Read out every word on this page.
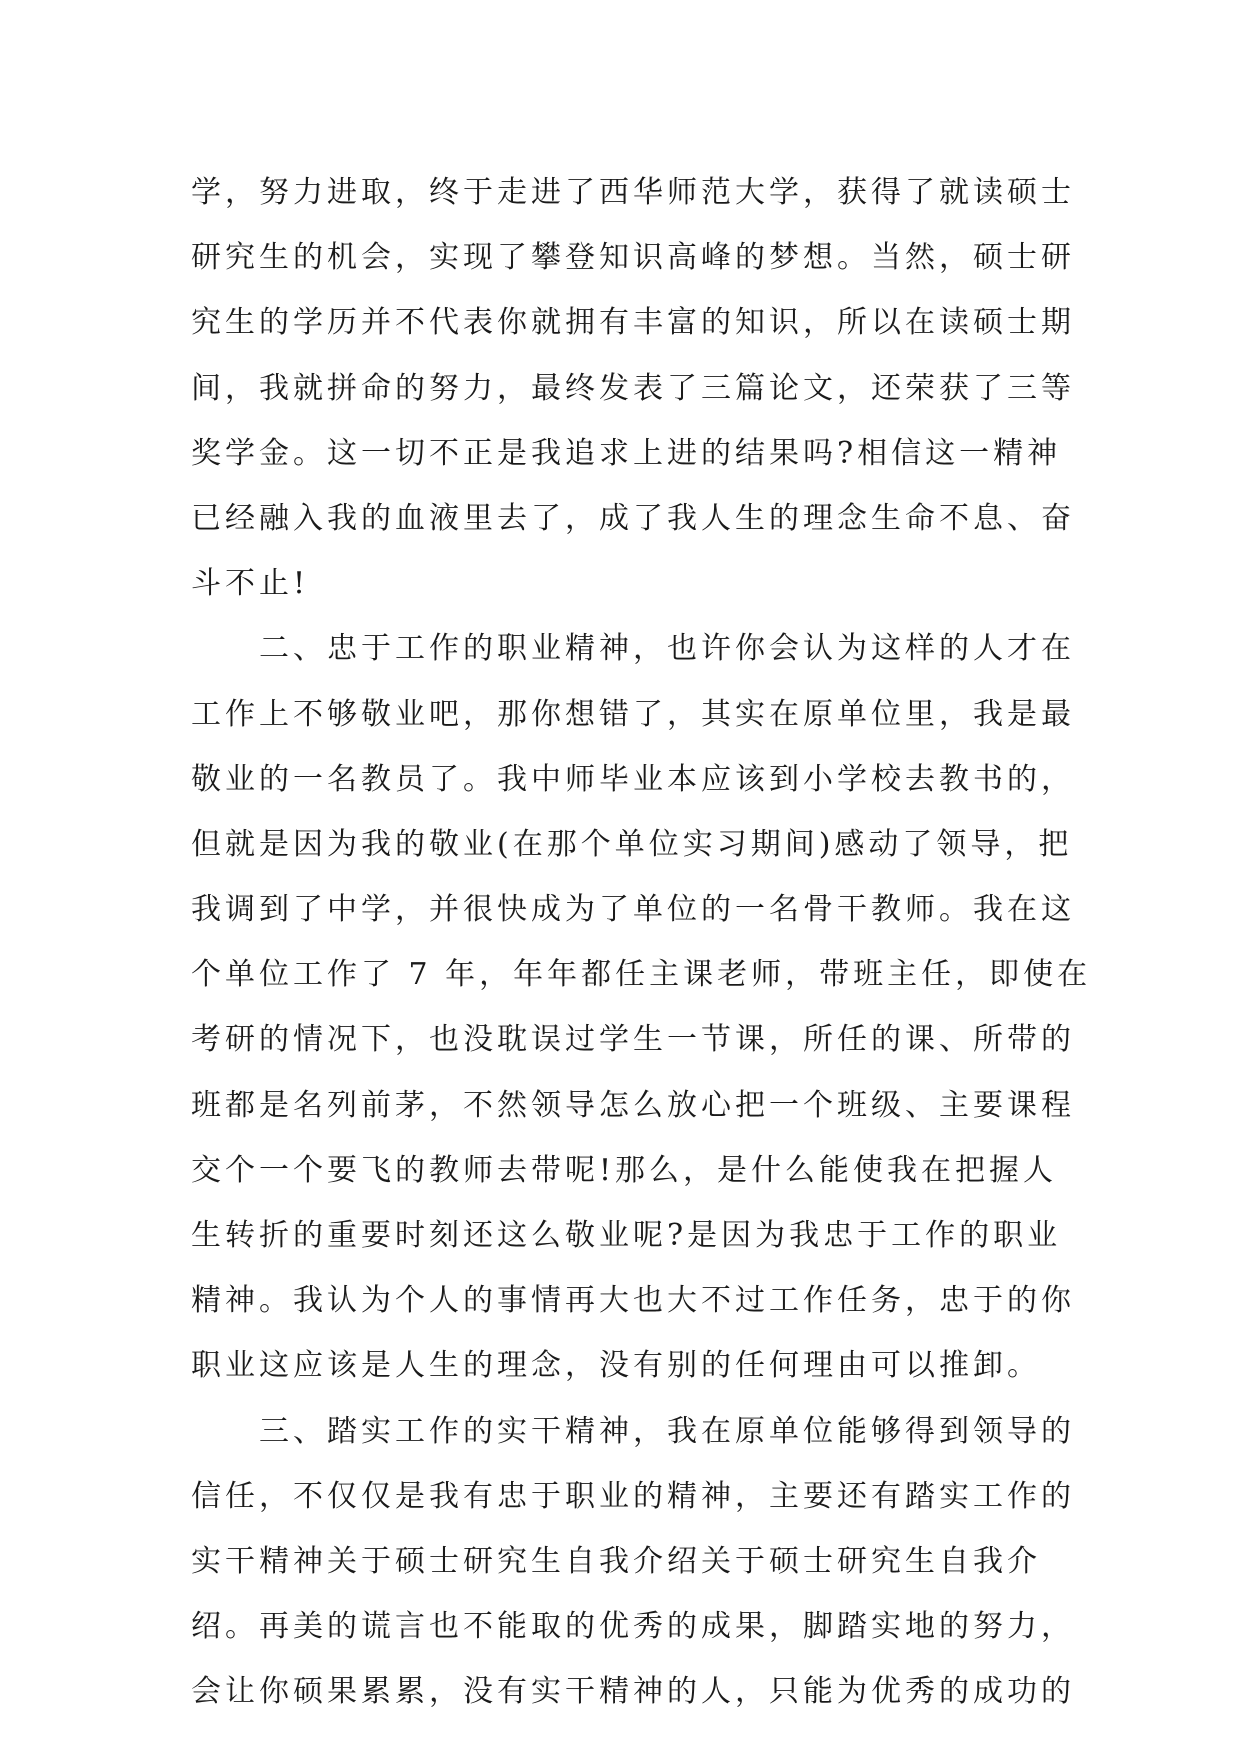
学，努力进取，终于走进了西华师范大学，获得了就读硕士
研究生的机会，实现了攀登知识高峰的梦想。当然，硕士研
究生的学历并不代表你就拥有丰富的知识，所以在读硕士期
间，我就拼命的努力，最终发表了三篇论文，还荣获了三等
奖学金。这一切不正是我追求上进的结果吗?相信这一精神
已经融入我的血液里去了，成了我人生的理念生命不息、奋
斗不止!
　　二、忠于工作的职业精神，也许你会认为这样的人才在
工作上不够敬业吧，那你想错了，其实在原单位里，我是最
敬业的一名教员了。我中师毕业本应该到小学校去教书的，
但就是因为我的敬业(在那个单位实习期间)感动了领导，把
我调到了中学，并很快成为了单位的一名骨干教师。我在这
个单位工作了 7 年，年年都任主课老师，带班主任，即使在
考研的情况下，也没耽误过学生一节课，所任的课、所带的
班都是名列前茅，不然领导怎么放心把一个班级、主要课程
交个一个要飞的教师去带呢!那么，是什么能使我在把握人
生转折的重要时刻还这么敬业呢?是因为我忠于工作的职业
精神。我认为个人的事情再大也大不过工作任务，忠于的你
职业这应该是人生的理念，没有别的任何理由可以推卸。
　　三、踏实工作的实干精神，我在原单位能够得到领导的
信任，不仅仅是我有忠于职业的精神，主要还有踏实工作的
实干精神关于硕士研究生自我介绍关于硕士研究生自我介
绍。再美的谎言也不能取的优秀的成果，脚踏实地的努力，
会让你硕果累累，没有实干精神的人，只能为优秀的成功的
